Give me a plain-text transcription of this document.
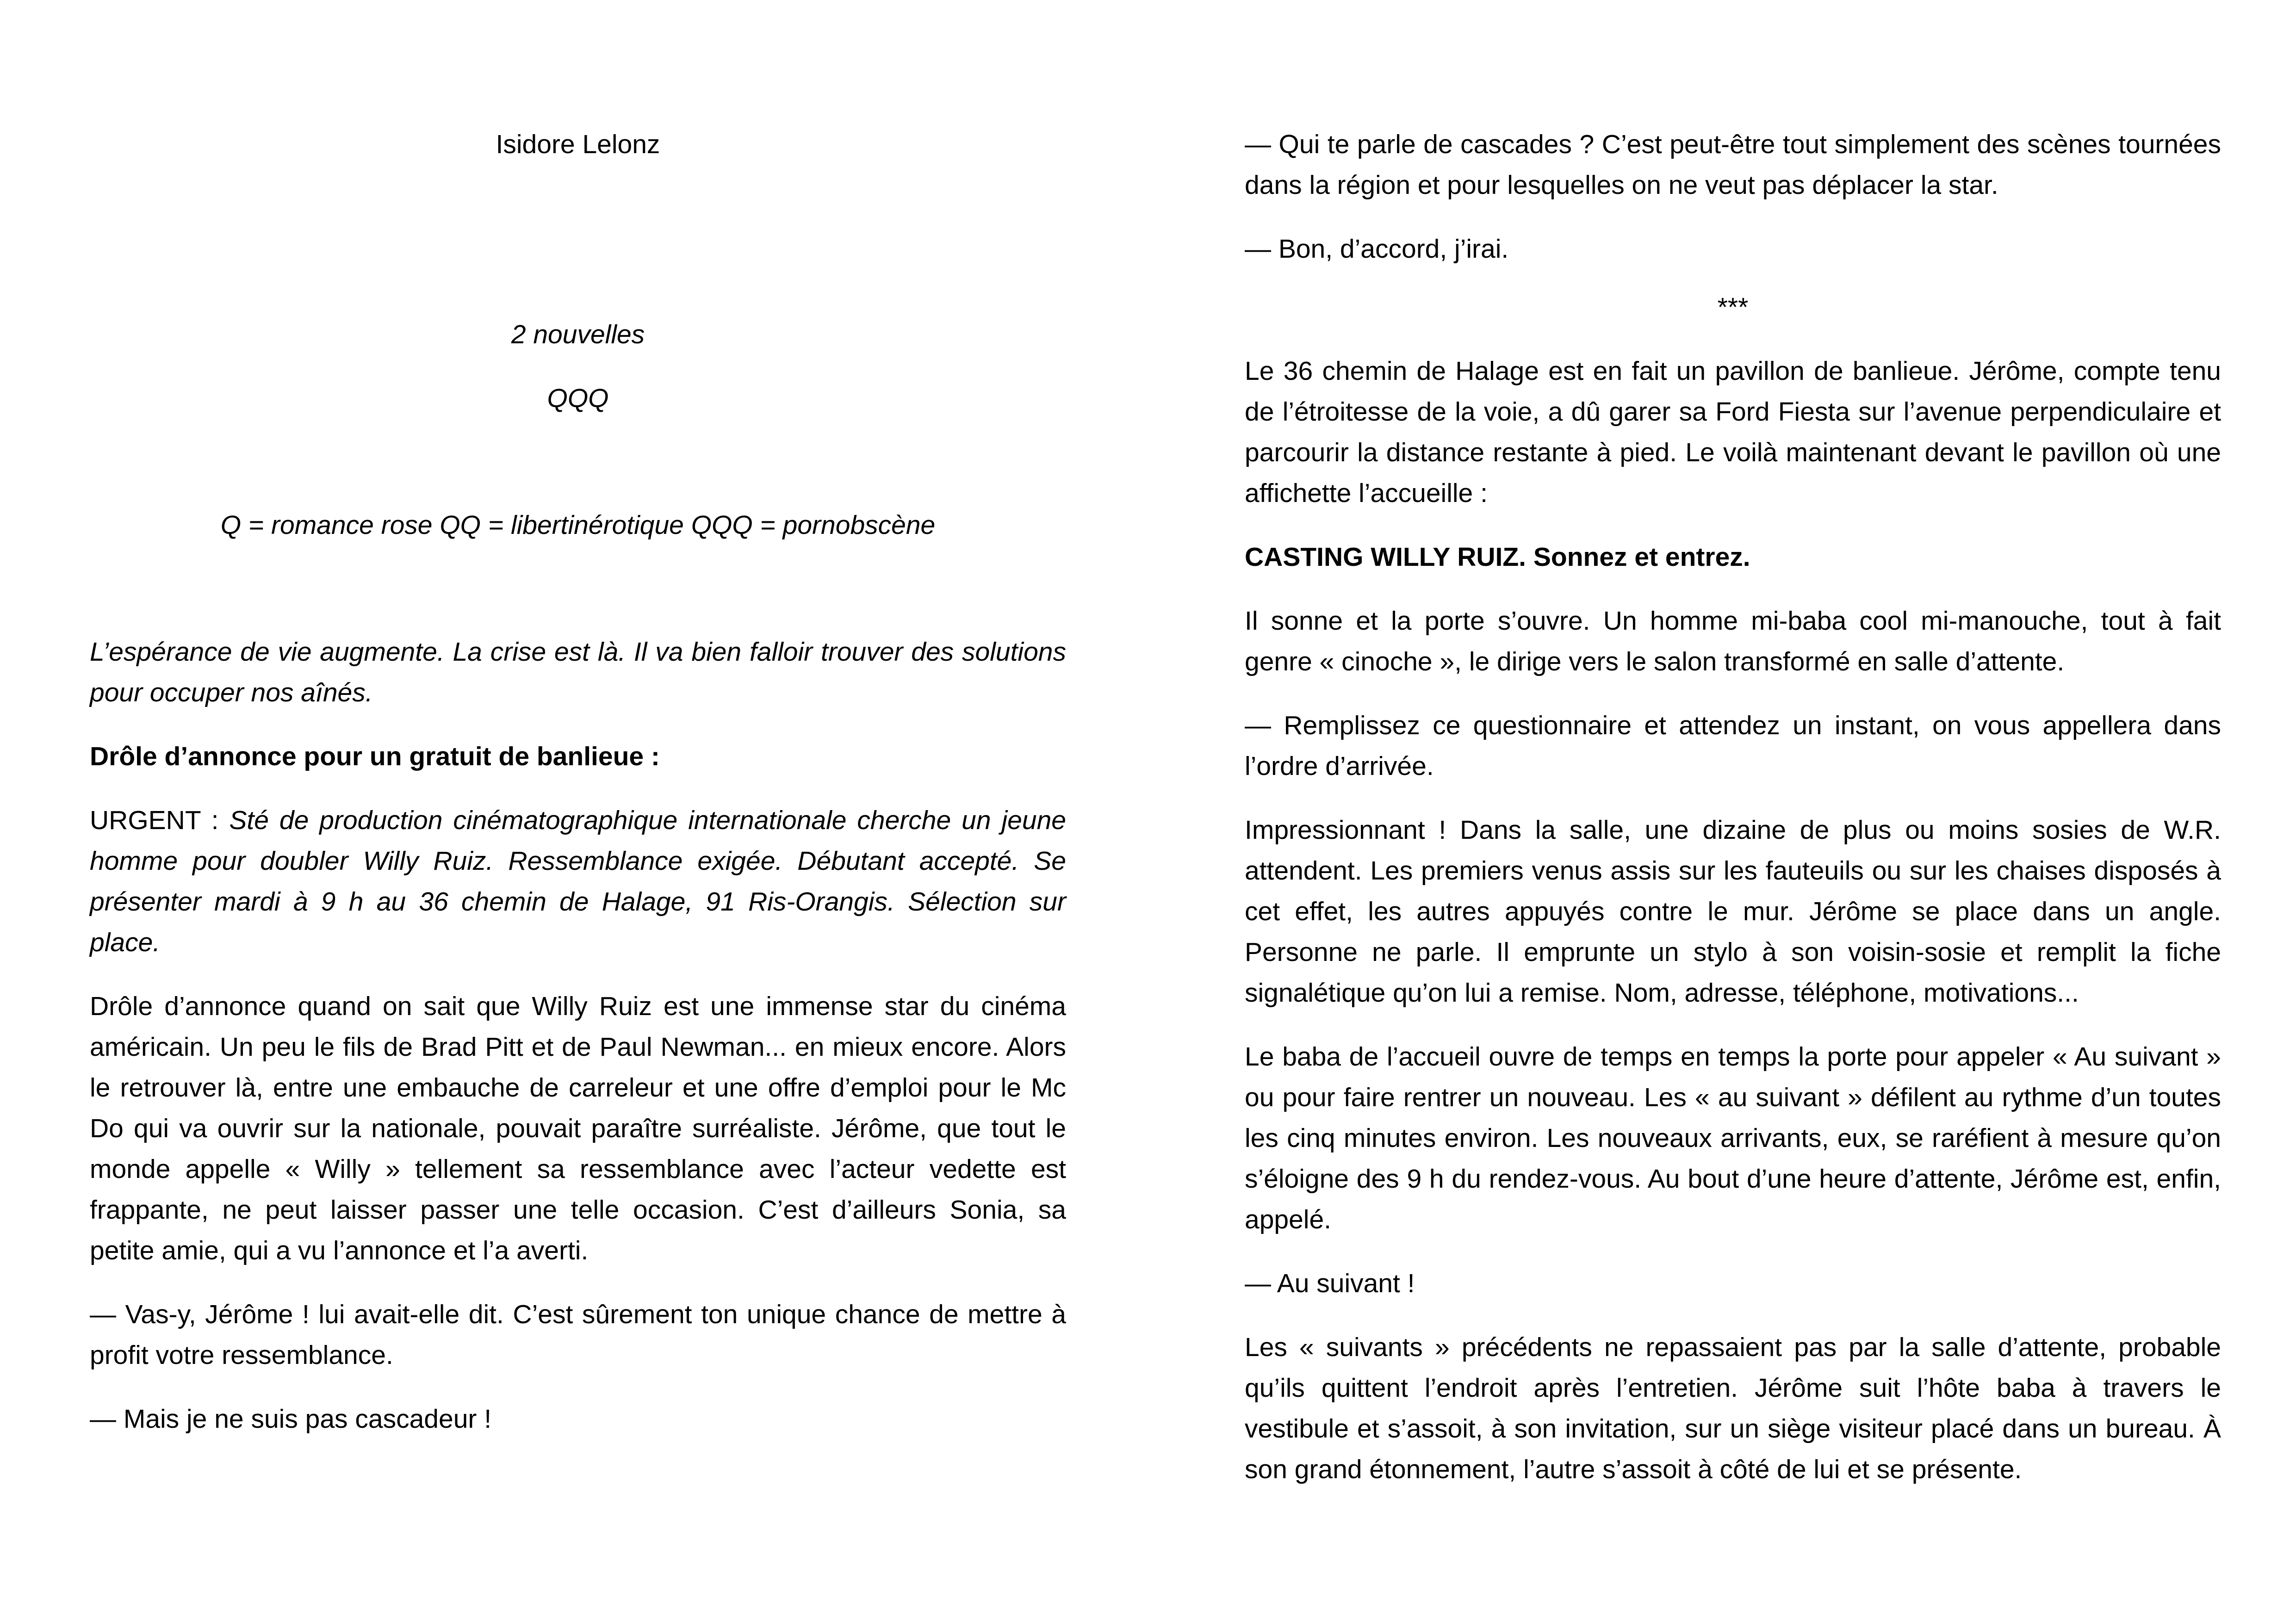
Isidore Lelonz

2 nouvelles

QQQ

Q = romance rose QQ = libertinérotique QQQ = pornobscène

L’espérance de vie augmente. La crise est là. Il va bien falloir trouver des solutions pour occuper nos aînés.

Drôle d’annonce pour un gratuit de banlieue :

URGENT : Sté de production cinématographique internationale cherche un jeune homme pour doubler Willy Ruiz. Ressemblance exigée. Débutant accepté. Se présenter mardi à 9 h au 36 chemin de Halage, 91 Ris-Orangis. Sélection sur place.

Drôle d’annonce quand on sait que Willy Ruiz est une immense star du cinéma américain. Un peu le fils de Brad Pitt et de Paul Newman... en mieux encore. Alors le retrouver là, entre une embauche de carreleur et une offre d’emploi pour le Mc Do qui va ouvrir sur la nationale, pouvait paraître surréaliste. Jérôme, que tout le monde appelle « Willy » tellement sa ressemblance avec l’acteur vedette est frappante, ne peut laisser passer une telle occasion. C’est d’ailleurs Sonia, sa petite amie, qui a vu l’annonce et l’a averti.

— Vas-y, Jérôme ! lui avait-elle dit. C’est sûrement ton unique chance de mettre à profit votre ressemblance.

— Mais je ne suis pas cascadeur !

— Qui te parle de cascades ? C’est peut-être tout simplement des scènes tournées dans la région et pour lesquelles on ne veut pas déplacer la star.

— Bon, d’accord, j’irai.

***

Le 36 chemin de Halage est en fait un pavillon de banlieue. Jérôme, compte tenu de l’étroitesse de la voie, a dû garer sa Ford Fiesta sur l’avenue perpendiculaire et parcourir la distance restante à pied. Le voilà maintenant devant le pavillon où une affichette l’accueille :

CASTING WILLY RUIZ. Sonnez et entrez.

Il sonne et la porte s’ouvre. Un homme mi-baba cool mi-manouche, tout à fait genre « cinoche », le dirige vers le salon transformé en salle d’attente.

— Remplissez ce questionnaire et attendez un instant, on vous appellera dans l’ordre d’arrivée.

Impressionnant ! Dans la salle, une dizaine de plus ou moins sosies de W.R. attendent. Les premiers venus assis sur les fauteuils ou sur les chaises disposés à cet effet, les autres appuyés contre le mur. Jérôme se place dans un angle. Personne ne parle. Il emprunte un stylo à son voisin-sosie et remplit la fiche signalétique qu’on lui a remise. Nom, adresse, téléphone, motivations...

Le baba de l’accueil ouvre de temps en temps la porte pour appeler « Au suivant » ou pour faire rentrer un nouveau. Les « au suivant » défilent au rythme d’un toutes les cinq minutes environ. Les nouveaux arrivants, eux, se raréfient à mesure qu’on s’éloigne des 9 h du rendez-vous. Au bout d’une heure d’attente, Jérôme est, enfin, appelé.

— Au suivant !

Les « suivants » précédents ne repassaient pas par la salle d’attente, probable qu’ils quittent l’endroit après l’entretien. Jérôme suit l’hôte baba à travers le vestibule et s’assoit, à son invitation, sur un siège visiteur placé dans un bureau. À son grand étonnement, l’autre s’assoit à côté de lui et se présente.
